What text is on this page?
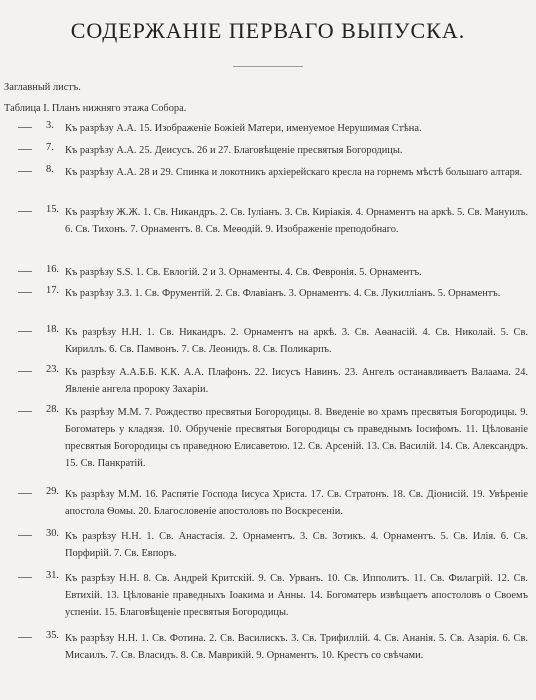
СОДЕРЖАНІЕ ПЕРВАГО ВЫПУСКА.
Заглавный листъ.
Таблица I. Планъ нижняго этажа Собора.
3. Къ разрѣзу А.А. 15. Изображеніе Божіей Матери, именуемое Нерушимая Стѣна.
7. Къ разрѣзу А.А. 25. Деисусъ. 26 и 27. Благовѣщеніе пресвятыя Богородицы.
8. Къ разрѣзу А.А. 28 и 29. Спинка и локотникъ архіерейскаго кресла на горнемъ мѣстѣ большаго алтаря.
15. Къ разрѣзу Ж.Ж. 1. Св. Никандръ. 2. Св. Іуліанъ. 3. Св. Киріакія. 4. Орнаментъ на аркѣ. 5. Св. Мануилъ. 6. Св. Тихонъ. 7. Орнаментъ. 8. Св. Меѳодій. 9. Изображеніе преподобнаго.
16. Къ разрѣзу Ѕ.Ѕ. 1. Св. Евлогій. 2 и 3. Орнаменты. 4. Св. Февронія. 5. Орнаментъ.
17. Къ разрѣзу З.З. 1. Св. Фрументій. 2. Св. Флавіанъ. 3. Орнаментъ. 4. Св. Лукилліанъ. 5. Орнаментъ.
18. Къ разрѣзу Н.Н. 1. Св. Никандръ. 2. Орнаментъ на аркѣ. 3. Св. Аѳанасій. 4. Св. Николай. 5. Св. Кириллъ. 6. Св. Памвонъ. 7. Св. Леонидъ. 8. Св. Поликарпъ.
23. Къ разрѣзу А.А.Б.Б. К.К. А.А. Плафонъ. 22. Іисусъ Навинъ. 23. Ангелъ останавливаетъ Валаама. 24. Явленіе ангела пророку Захаріи.
28. Къ разрѣзу М.М. 7. Рождество пресвятыя Богородицы. 8. Введеніе во храмъ пресвятыя Богородицы. 9. Богоматерь у кладязя. 10. Обрученіе пресвятыя Богородицы съ праведнымъ Іосифомъ. 11. Цѣлованіе пресвятыя Богородицы съ праведною Елисаветою. 12. Св. Арсеній. 13. Св. Василій. 14. Св. Александръ. 15. Св. Панкратій.
29. Къ разрѣзу М.М. 16. Распятіе Господа Іисуса Христа. 17. Св. Стратонъ. 18. Св. Діонисій. 19. Увѣреніе апостола Ѳомы. 20. Благословеніе апостоловъ по Воскресеніи.
30. Къ разрѣзу Н.Н. 1. Св. Анастасія. 2. Орнаментъ. 3. Св. Зотикъ. 4. Орнаментъ. 5. Св. Илія. 6. Св. Порфирій. 7. Св. Евпоръ.
31. Къ разрѣзу Н.Н. 8. Св. Андрей Критскій. 9. Св. Урванъ. 10. Св. Ипполитъ. 11. Св. Филагрій. 12. Св. Евтихій. 13. Цѣлованіе праведныхъ Іоакима и Анны. 14. Богоматерь извѣщаетъ апостоловъ о Своемъ успеніи. 15. Благовѣщеніе пресвятыя Богородицы.
35. Къ разрѣзу Н.Н. 1. Св. Фотина. 2. Св. Василискъ. 3. Св. Трифиллій. 4. Св. Ананія. 5. Св. Азарія. 6. Св. Мисаилъ. 7. Св. Власидъ. 8. Св. Маврикій. 9. Орнаментъ. 10. Крестъ со свѣчами.
